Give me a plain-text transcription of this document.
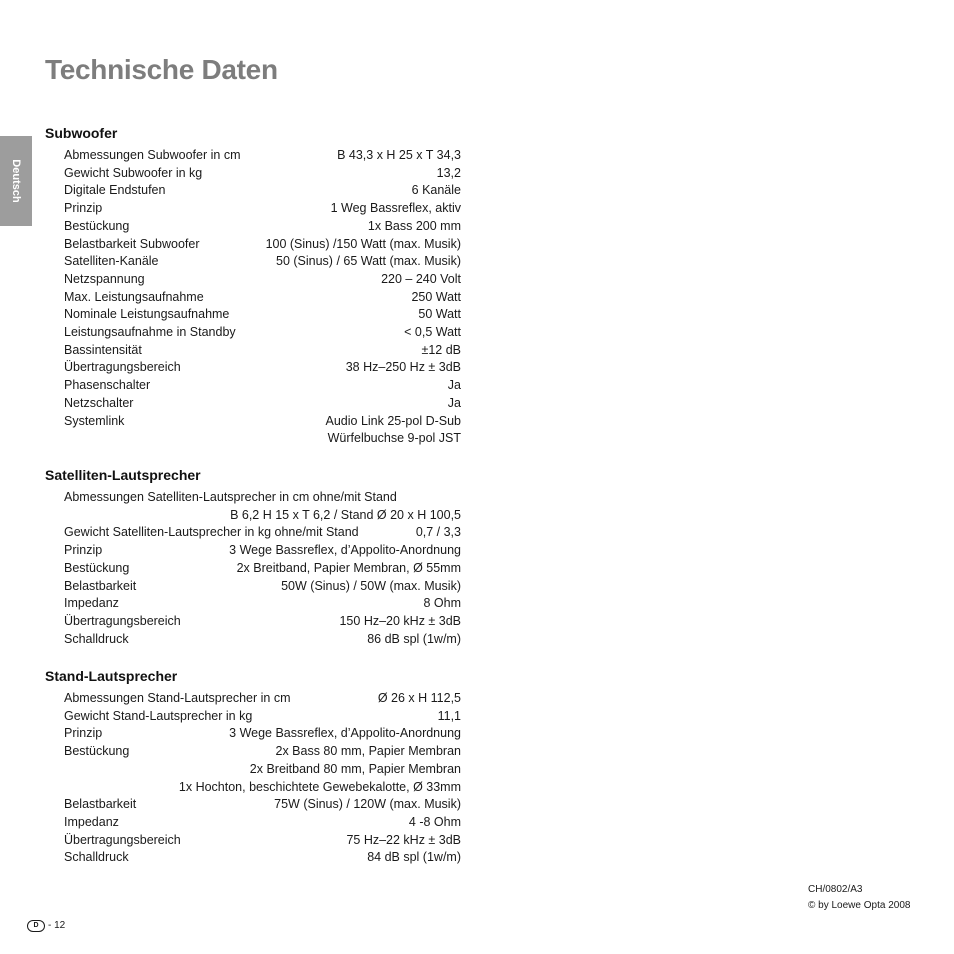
Technische Daten
Deutsch
Subwoofer
Abmessungen Subwoofer in cm	B 43,3 x H 25 x T 34,3
Gewicht Subwoofer in kg	13,2
Digitale Endstufen	6 Kanäle
Prinzip	1 Weg Bassreflex, aktiv
Bestückung	1x Bass 200 mm
Belastbarkeit Subwoofer	100 (Sinus) /150 Watt (max. Musik)
Satelliten-Kanäle	50 (Sinus) / 65 Watt (max. Musik)
Netzspannung	220 – 240 Volt
Max. Leistungsaufnahme	250 Watt
Nominale Leistungsaufnahme	50 Watt
Leistungsaufnahme in Standby	< 0,5 Watt
Bassintensität	±12 dB
Übertragungsbereich	38 Hz–250 Hz ± 3dB
Phasenschalter	Ja
Netzschalter	Ja
Systemlink	Audio Link 25-pol D-Sub
Würfelbuchse 9-pol JST
Satelliten-Lautsprecher
Abmessungen Satelliten-Lautsprecher in cm ohne/mit Stand
B 6,2 H 15 x T 6,2 / Stand Ø 20 x H 100,5
Gewicht Satelliten-Lautsprecher in kg ohne/mit Stand	0,7 / 3,3
Prinzip	3 Wege Bassreflex, d’Appolito-Anordnung
Bestückung	2x Breitband, Papier Membran, Ø 55mm
Belastbarkeit	50W (Sinus) / 50W (max. Musik)
Impedanz	8 Ohm
Übertragungsbereich	150 Hz–20 kHz ± 3dB
Schalldruck	86 dB spl (1w/m)
Stand-Lautsprecher
Abmessungen Stand-Lautsprecher in cm	Ø 26 x H 112,5
Gewicht Stand-Lautsprecher in kg	11,1
Prinzip	3 Wege Bassreflex, d’Appolito-Anordnung
Bestückung	2x Bass 80 mm, Papier Membran
2x Breitband 80 mm, Papier Membran
1x Hochton, beschichtete Gewebekalotte, Ø 33mm
Belastbarkeit	75W (Sinus) / 120W (max. Musik)
Impedanz	4 -8 Ohm
Übertragungsbereich	75 Hz–22 kHz ± 3dB
Schalldruck	84 dB spl (1w/m)
CH/0802/A3
© by Loewe Opta 2008
D - 12
